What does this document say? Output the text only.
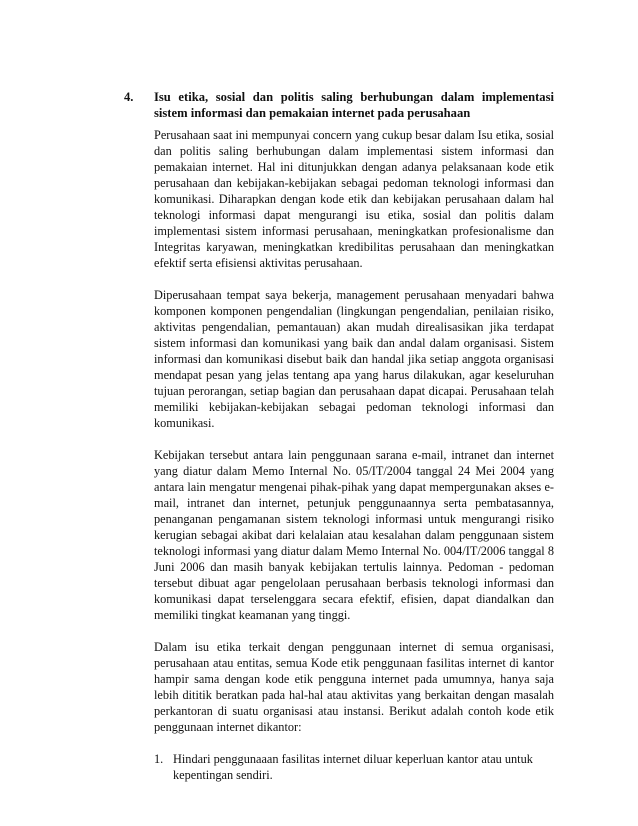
4. Isu etika, sosial dan politis saling berhubungan dalam implementasi sistem informasi dan pemakaian internet pada perusahaan

Perusahaan saat ini mempunyai concern yang cukup besar dalam Isu etika, sosial dan politis saling berhubungan dalam implementasi sistem informasi dan pemakaian internet. Hal ini ditunjukkan dengan adanya pelaksanaan kode etik perusahaan dan kebijakan-kebijakan sebagai pedoman teknologi informasi dan komunikasi. Diharapkan dengan kode etik dan kebijakan perusahaan dalam hal teknologi informasi dapat mengurangi isu etika, sosial dan politis dalam implementasi sistem informasi perusahaan, meningkatkan profesionalisme dan Integritas karyawan, meningkatkan kredibilitas perusahaan dan meningkatkan efektif serta efisiensi aktivitas perusahaan.

Diperusahaan tempat saya bekerja, management perusahaan menyadari bahwa komponen komponen pengendalian (lingkungan pengendalian, penilaian risiko, aktivitas pengendalian, pemantauan) akan mudah direalisasikan jika terdapat sistem informasi dan komunikasi yang baik dan andal dalam organisasi. Sistem informasi dan komunikasi disebut baik dan handal jika setiap anggota organisasi mendapat pesan yang jelas tentang apa yang harus dilakukan, agar keseluruhan tujuan perorangan, setiap bagian dan perusahaan dapat dicapai. Perusahaan telah memiliki kebijakan-kebijakan sebagai pedoman teknologi informasi dan komunikasi.

Kebijakan tersebut antara lain penggunaan sarana e-mail, intranet dan internet yang diatur dalam Memo Internal No. 05/IT/2004 tanggal 24 Mei 2004 yang antara lain mengatur mengenai pihak-pihak yang dapat mempergunakan akses e-mail, intranet dan internet, petunjuk penggunaannya serta pembatasannya, penanganan pengamanan sistem teknologi informasi untuk mengurangi risiko kerugian sebagai akibat dari kelalaian atau kesalahan dalam penggunaan sistem teknologi informasi yang diatur dalam Memo Internal No. 004/IT/2006 tanggal 8 Juni 2006 dan masih banyak kebijakan tertulis lainnya. Pedoman - pedoman tersebut dibuat agar pengelolaan perusahaan berbasis teknologi informasi dan komunikasi dapat terselenggara secara efektif, efisien, dapat diandalkan dan memiliki tingkat keamanan yang tinggi.

Dalam isu etika terkait dengan penggunaan internet di semua organisasi, perusahaan atau entitas, semua Kode etik penggunaan fasilitas internet di kantor hampir sama dengan kode etik pengguna internet pada umumnya, hanya saja lebih dititik beratkan pada hal-hal atau aktivitas yang berkaitan dengan masalah perkantoran di suatu organisasi atau instansi. Berikut adalah contoh kode etik penggunaan internet dikantor:

1. Hindari penggunaaan fasilitas internet diluar keperluan kantor atau untuk kepentingan sendiri.
